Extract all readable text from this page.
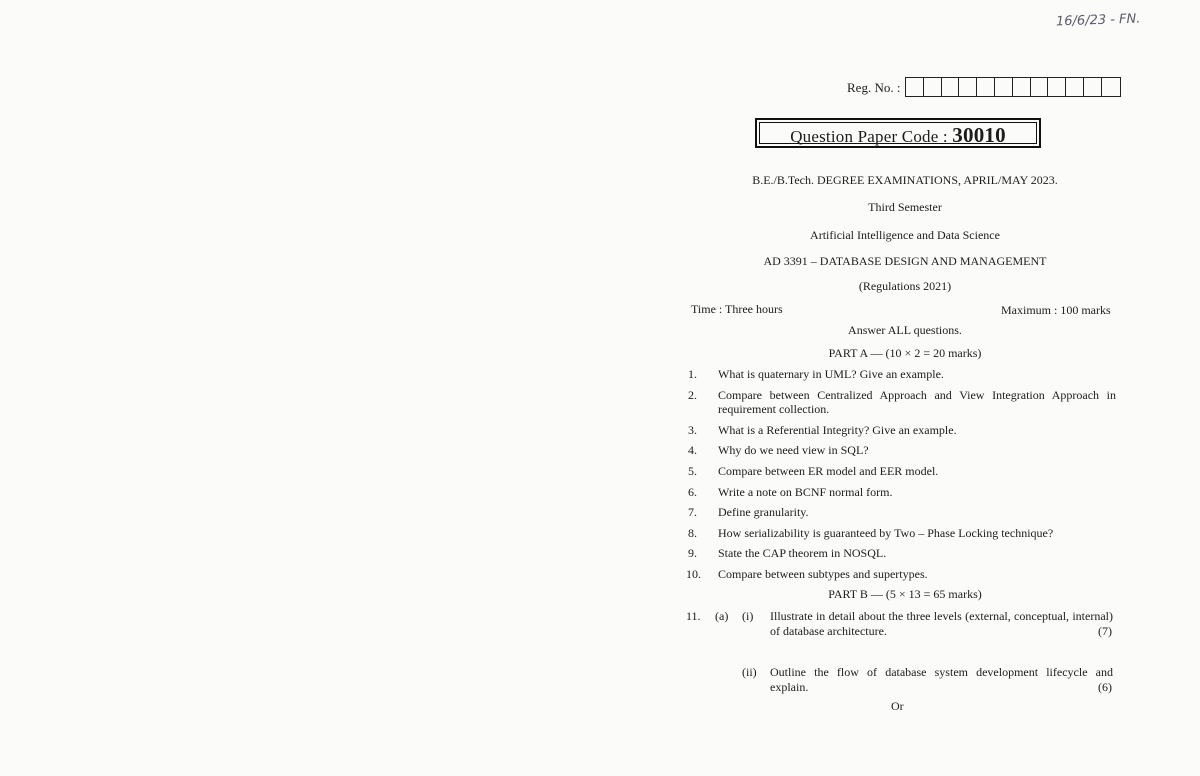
16/6/23 - FN.
Reg. No. :
Question Paper Code : 30010
B.E./B.Tech. DEGREE EXAMINATIONS, APRIL/MAY 2023.
Third Semester
Artificial Intelligence and Data Science
AD 3391 – DATABASE DESIGN AND MANAGEMENT
(Regulations 2021)
Time : Three hours	Maximum : 100 marks
Answer ALL questions.
PART A — (10 × 2 = 20 marks)
1. What is quaternary in UML? Give an example.
2. Compare between Centralized Approach and View Integration Approach in requirement collection.
3. What is a Referential Integrity? Give an example.
4. Why do we need view in SQL?
5. Compare between ER model and EER model.
6. Write a note on BCNF normal form.
7. Define granularity.
8. How serializability is guaranteed by Two – Phase Locking technique?
9. State the CAP theorem in NOSQL.
10. Compare between subtypes and supertypes.
PART B — (5 × 13 = 65 marks)
11. (a) (i) Illustrate in detail about the three levels (external, conceptual, internal) of database architecture.	(7)
(ii) Outline the flow of database system development lifecycle and explain.	(6)
Or
